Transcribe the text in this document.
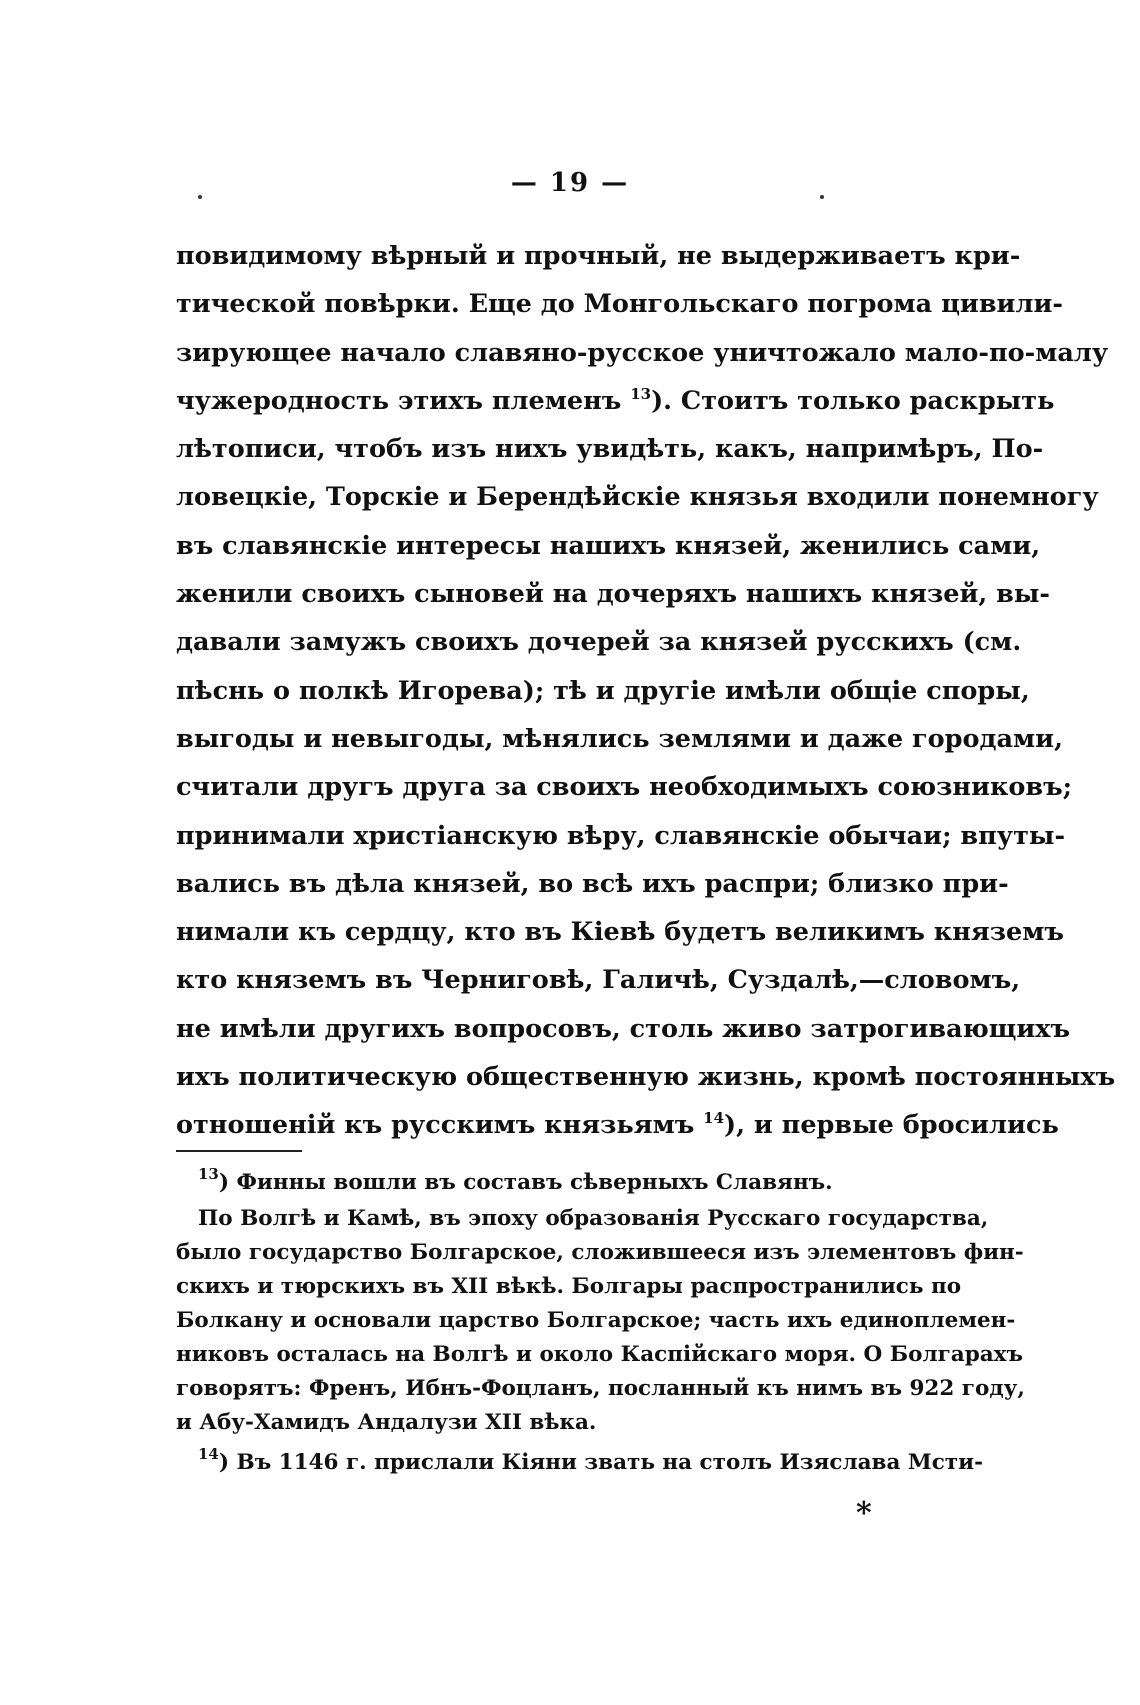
— 19 —
повидимому вѣрный и прочный, не выдерживаетъ кри-
тической повѣрки. Еще до Монгольскаго погрома цивили-
зирующее начало славяно-русское уничтожало мало-по-малу
чужеродность этихъ племенъ $^{13}$). Стоитъ только раскрыть
лѣтописи, чтобъ изъ нихъ увидѣть, какъ, напримѣръ, По-
ловецкіе, Торскіе и Берендѣйскіе князья входили понемногу
въ славянскіе интересы нашихъ князей, женились сами,
женили своихъ сыновей на дочеряхъ нашихъ князей, вы-
давали замужъ своихъ дочерей за князей русскихъ (см.
пѣснь о полкѣ Игорева); тѣ и другіе имѣли общіе споры,
выгоды и невыгоды, мѣнялись землями и даже городами,
считали другъ друга за своихъ необходимыхъ союзниковъ;
принимали христіанскую вѣру, славянскіе обычаи; впуты-
вались въ дѣла князей, во всѣ ихъ распри; близко при-
нимали къ сердцу, кто въ Кіевѣ будетъ великимъ княземъ
кто княземъ въ Черниговѣ, Галичѣ, Суздалѣ,—словомъ,
не имѣли другихъ вопросовъ, столь живо затрогивающихъ
ихъ политическую общественную жизнь, кромѣ постоянныхъ
отношеній къ русскимъ князьямъ $^{14}$), и первые бросились
$^{13}$) Финны вошли въ составъ сѣверныхъ Славянъ.
По Волгѣ и Камѣ, въ эпоху образованія Русскаго государства,
было государство Болгарское, сложившееся изъ элементовъ фин-
скихъ и тюрскихъ въ XII вѣкѣ. Болгары распространились по
Болкану и основали царство Болгарское; часть ихъ единоплемен-
никовъ осталась на Волгѣ и около Каспійскаго моря. О Болгарахъ
говорятъ: Френъ, Ибнъ-Фоцланъ, посланный къ нимъ въ 922 году,
и Абу-Хамидъ Андалузи XII вѣка.
$^{14}$) Въ 1146 г. прислали Кіяни звать на столъ Изяслава Мсти-
*
